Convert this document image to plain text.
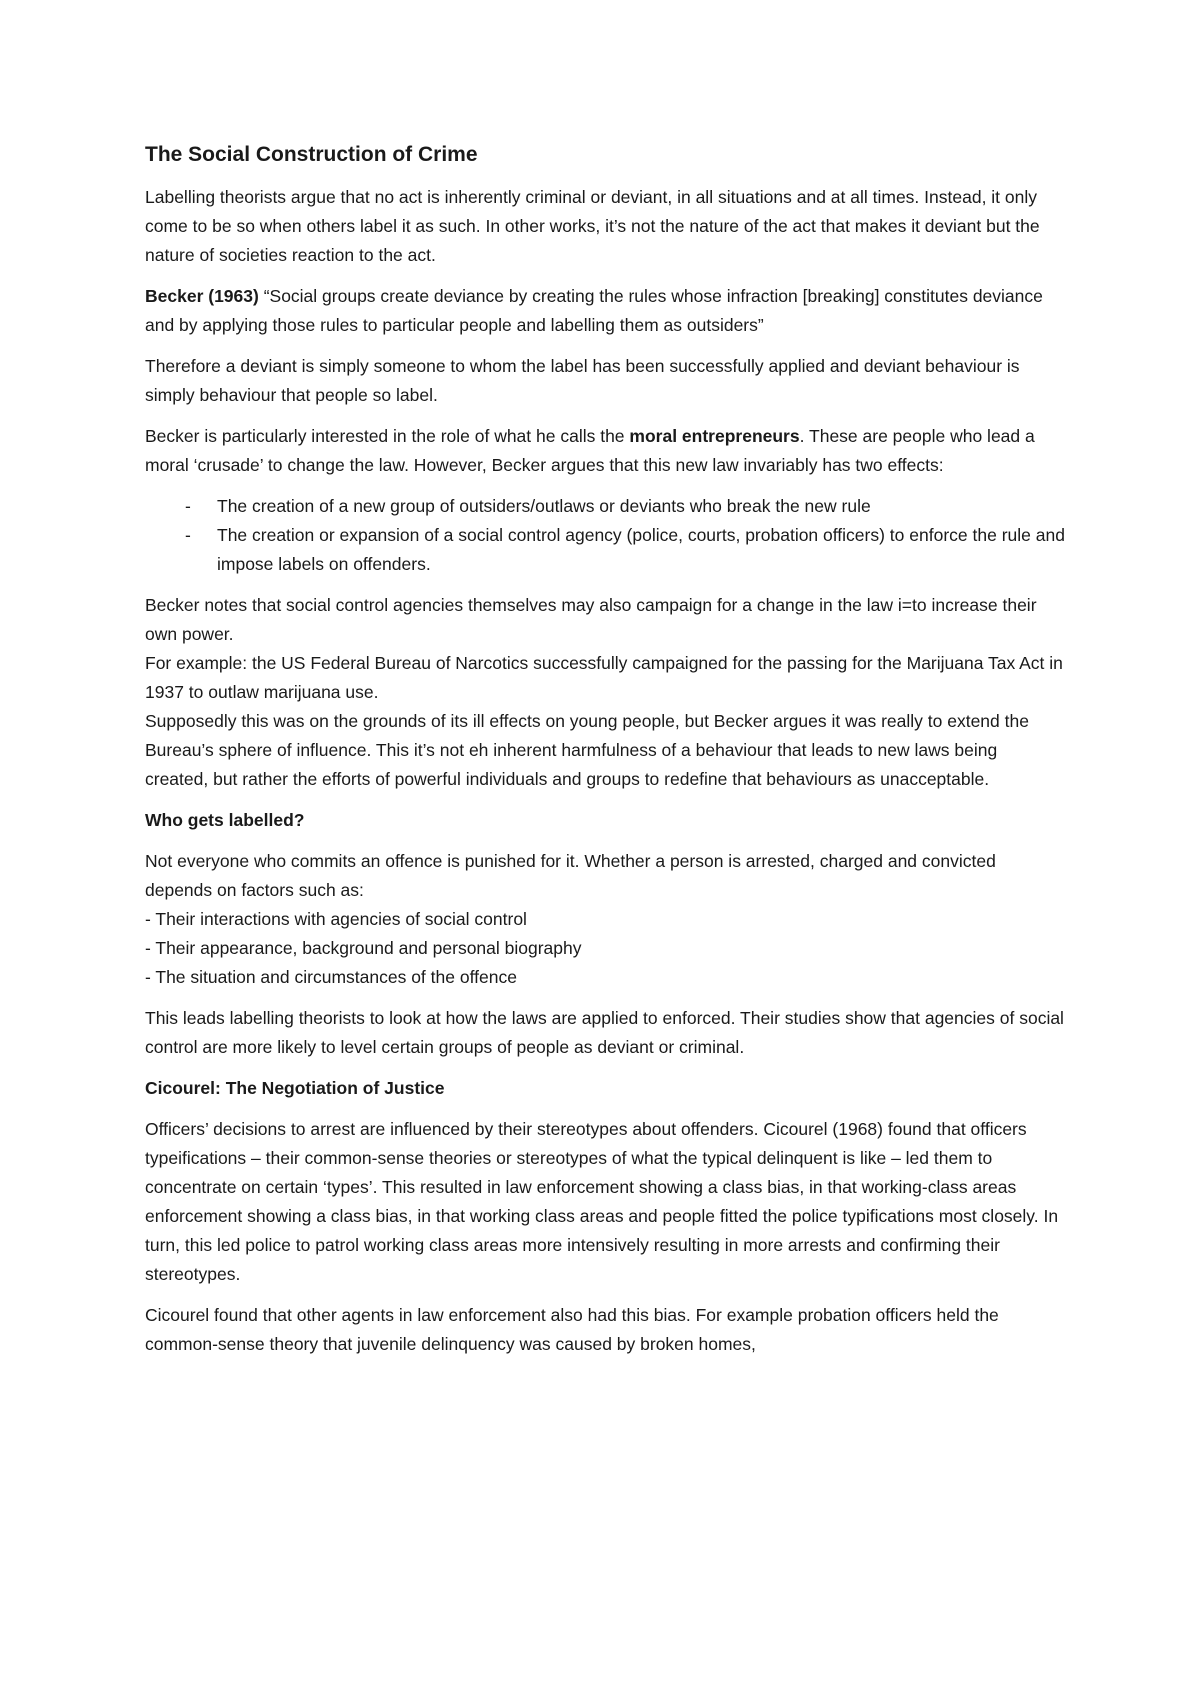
The Social Construction of Crime

Labelling theorists argue that no act is inherently criminal or deviant, in all situations and at all times. Instead, it only come to be so when others label it as such. In other works, it’s not the nature of the act that makes it deviant but the nature of societies reaction to the act.

Becker (1963) “Social groups create deviance by creating the rules whose infraction [breaking] constitutes deviance and by applying those rules to particular people and labelling them as outsiders”

Therefore a deviant is simply someone to whom the label has been successfully applied and deviant behaviour is simply behaviour that people so label.

Becker is particularly interested in the role of what he calls the moral entrepreneurs. These are people who lead a moral ‘crusade’ to change the law. However, Becker argues that this new law invariably has two effects:

- The creation of a new group of outsiders/outlaws or deviants who break the new rule
- The creation or expansion of a social control agency (police, courts, probation officers) to enforce the rule and impose labels on offenders.
Becker notes that social control agencies themselves may also campaign for a change in the law i=to increase their own power.
For example: the US Federal Bureau of Narcotics successfully campaigned for the passing for the Marijuana Tax Act in 1937 to outlaw marijuana use.
Supposedly this was on the grounds of its ill effects on young people, but Becker argues it was really to extend the Bureau’s sphere of influence. This it’s not eh inherent harmfulness of a behaviour that leads to new laws being created, but rather the efforts of powerful individuals and groups to redefine that behaviours as unacceptable.
Who gets labelled?
Not everyone who commits an offence is punished for it. Whether a person is arrested, charged and convicted depends on factors such as:
- Their interactions with agencies of social control
- Their appearance, background and personal biography
- The situation and circumstances of the offence

This leads labelling theorists to look at how the laws are applied to enforced. Their studies show that agencies of social control are more likely to level certain groups of people as deviant or criminal.

Cicourel: The Negotiation of Justice

Officers’ decisions to arrest are influenced by their stereotypes about offenders. Cicourel (1968) found that officers typeifications – their common-sense theories or stereotypes of what the typical delinquent is like – led them to concentrate on certain ‘types’. This resulted in law enforcement showing a class bias, in that working-class areas enforcement showing a class bias, in that working class areas and people fitted the police typifications most closely. In turn, this led police to patrol working class areas more intensively resulting in more arrests and confirming their stereotypes.

Cicourel found that other agents in law enforcement also had this bias. For example probation officers held the common-sense theory that juvenile delinquency was caused by broken homes,
